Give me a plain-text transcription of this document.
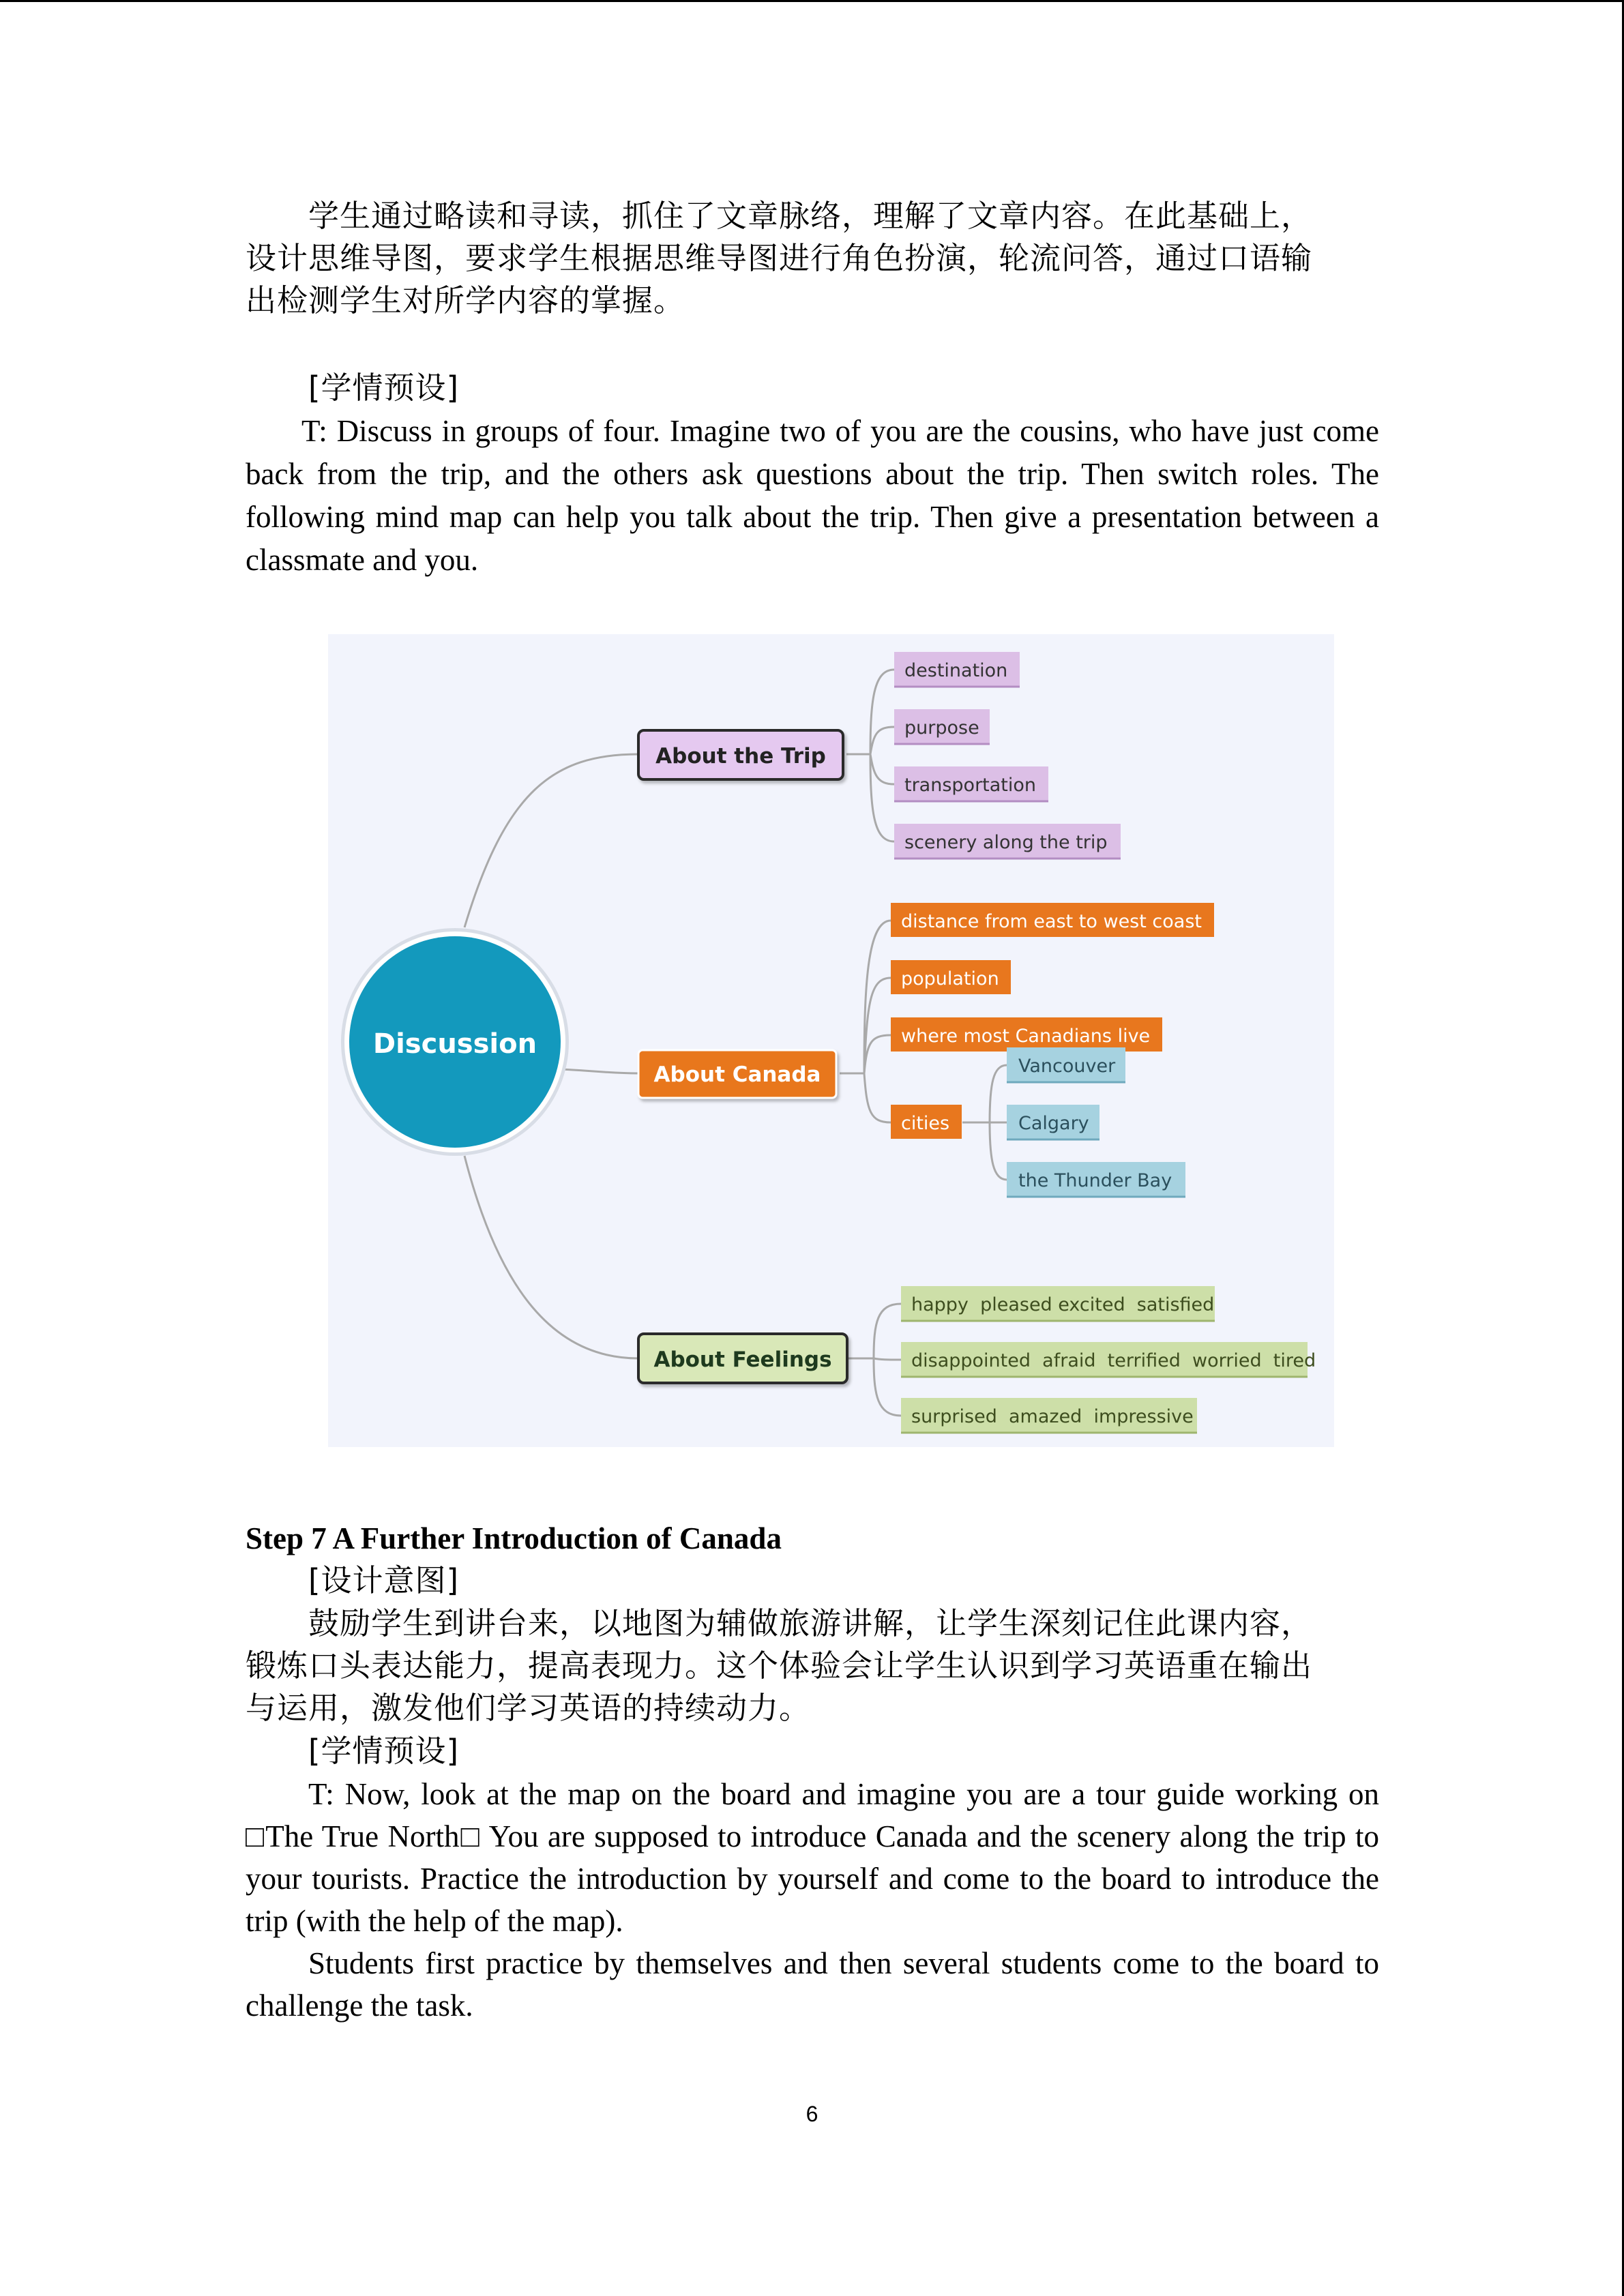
学生通过略读和寻读，抓住了文章脉络，理解了文章内容。在此基础上，

设计思维导图，要求学生根据思维导图进行角色扮演，轮流问答，通过口语输

出检测学生对所学内容的掌握。

[学情预设]

T: Discuss in groups of four. Imagine two of you are the cousins, who have just come back from the trip, and the others ask questions about the trip. Then switch roles. The following mind map can help you talk about the trip. Then give a presentation between a classmate and you.

Discussion
About the Trip
destination
purpose
transportation
scenery along the trip
About Canada
distance from east to west coast
population
where most Canadians live
cities
Vancouver
Calgary
the Thunder Bay
About Feelings
happy  pleased excited  satisfied
disappointed  afraid  terrified  worried  tired
surprised  amazed  impressive

Step 7 A Further Introduction of Canada

[设计意图]

鼓励学生到讲台来，以地图为辅做旅游讲解，让学生深刻记住此课内容，

锻炼口头表达能力，提高表现力。这个体验会让学生认识到学习英语重在输出

与运用，激发他们学习英语的持续动力。

[学情预设]

T: Now, look at the map on the board and imagine you are a tour guide working on □The True North□ You are supposed to introduce Canada and the scenery along the trip to your tourists. Practice the introduction by yourself and come to the board to introduce the trip (with the help of the map).

Students first practice by themselves and then several students come to the board to challenge the task.

6
